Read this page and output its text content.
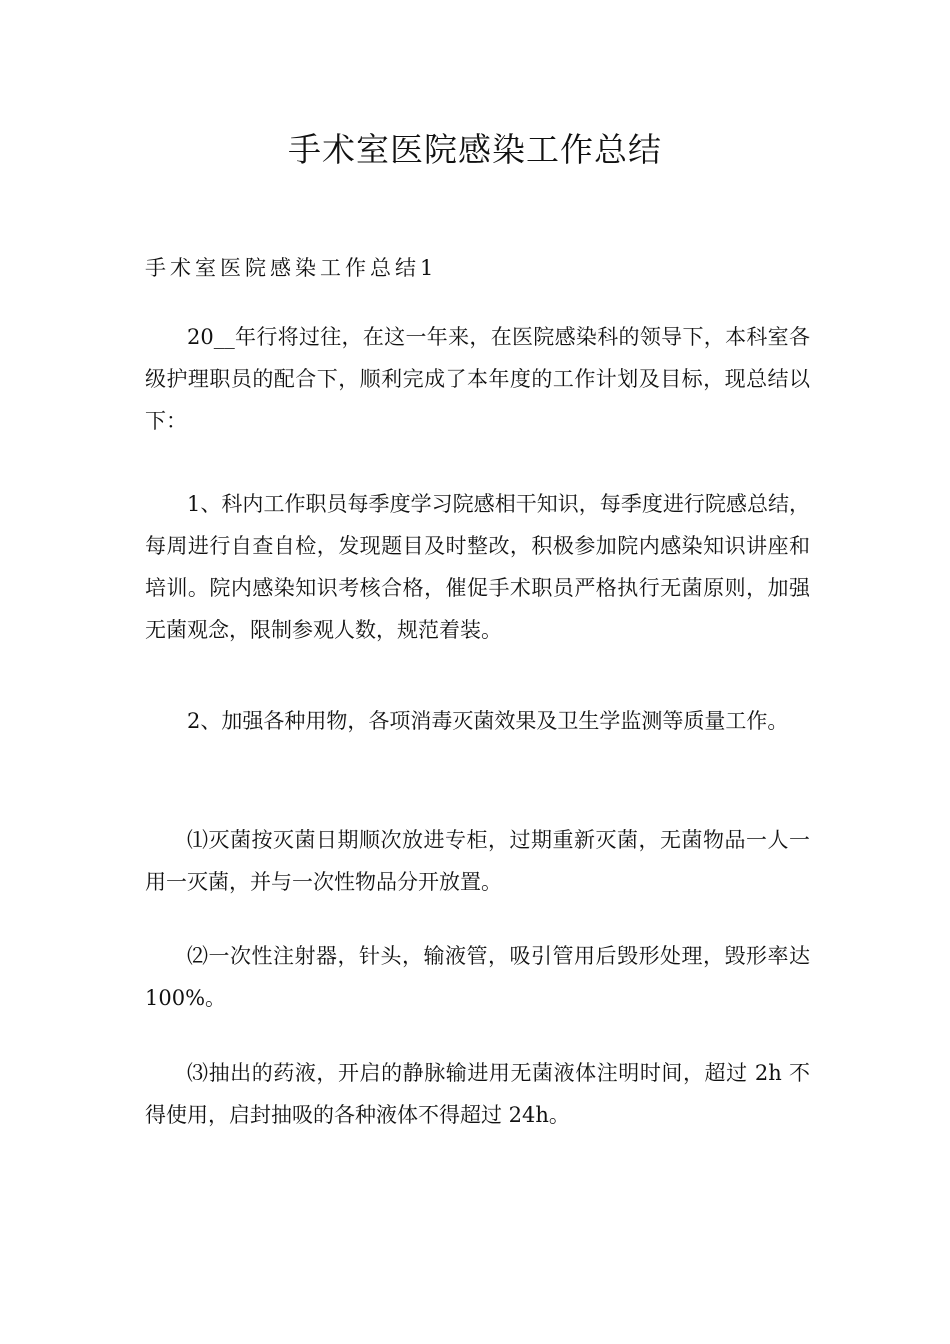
手术室医院感染工作总结
手术室医院感染工作总结1

20__年行将过往，在这一年来，在医院感染科的领导下，本科室各级护理职员的配合下，顺利完成了本年度的工作计划及目标，现总结以下：

1、科内工作职员每季度学习院感相干知识，每季度进行院感总结，每周进行自查自检，发现题目及时整改，积极参加院内感染知识讲座和培训。院内感染知识考核合格，催促手术职员严格执行无菌原则，加强无菌观念，限制参观人数，规范着装。

2、加强各种用物，各项消毒灭菌效果及卫生学监测等质量工作。

⑴灭菌按灭菌日期顺次放进专柜，过期重新灭菌，无菌物品一人一用一灭菌，并与一次性物品分开放置。

⑵一次性注射器，针头，输液管，吸引管用后毁形处理，毁形率达 100%。

⑶抽出的药液，开启的静脉输进用无菌液体注明时间，超过 2h 不得使用，启封抽吸的各种液体不得超过 24h。
